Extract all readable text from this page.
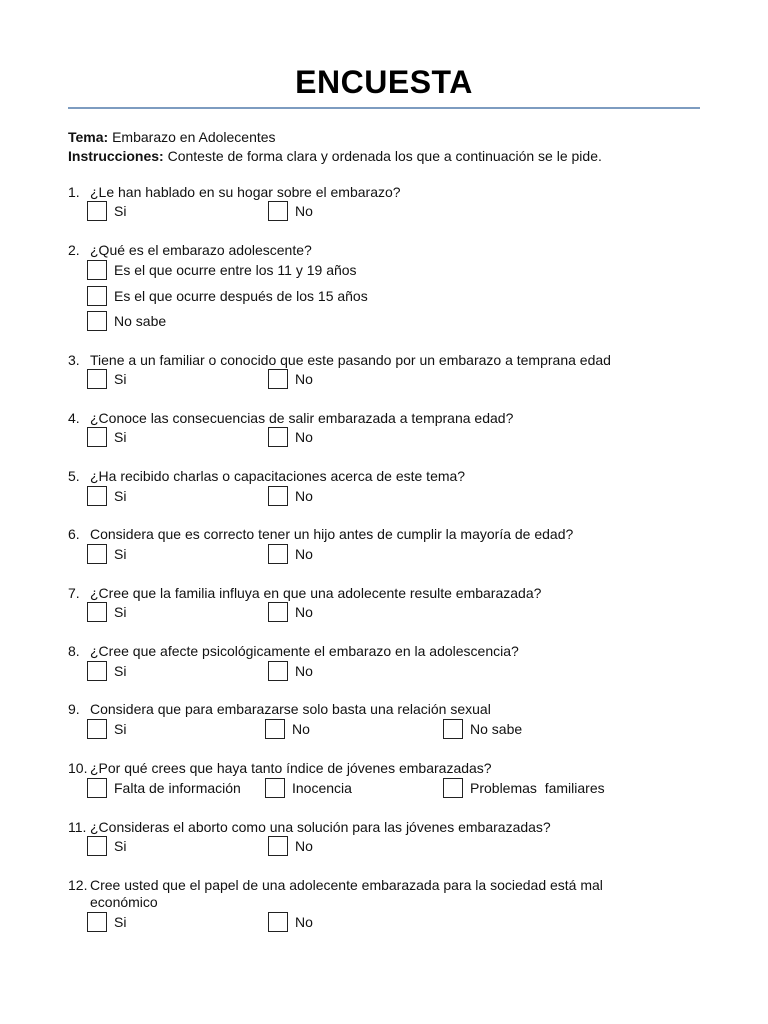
ENCUESTA
Tema: Embarazo en Adolecentes
Instrucciones: Conteste de forma clara y ordenada los que a continuación se le pide.
1. ¿Le han hablado en su hogar sobre el embarazo?
Si	No
2. ¿Qué es el embarazo adolescente?
Es el que ocurre entre los 11 y 19 años
Es el que ocurre después de los 15 años
No sabe
3. Tiene a un familiar o conocido que este pasando por un embarazo a temprana edad
Si	No
4. ¿Conoce las consecuencias de salir embarazada a temprana edad?
Si	No
5. ¿Ha recibido charlas o capacitaciones acerca de este tema?
Si	No
6. Considera que es correcto tener un hijo antes de cumplir la mayoría de edad?
Si	No
7. ¿Cree que la familia influya en que una adolecente resulte embarazada?
Si	No
8. ¿Cree que afecte psicológicamente el embarazo en la adolescencia?
Si	No
9. Considera que para embarazarse solo basta una relación sexual
Si	No	No sabe
10. ¿Por qué crees que haya tanto índice de jóvenes embarazadas?
Falta de información	Inocencia	Problemas  familiares
11. ¿Consideras el aborto como una solución para las jóvenes embarazadas?
Si	No
12. Cree usted que el papel de una adolecente embarazada para la sociedad está mal económico
Si	No
